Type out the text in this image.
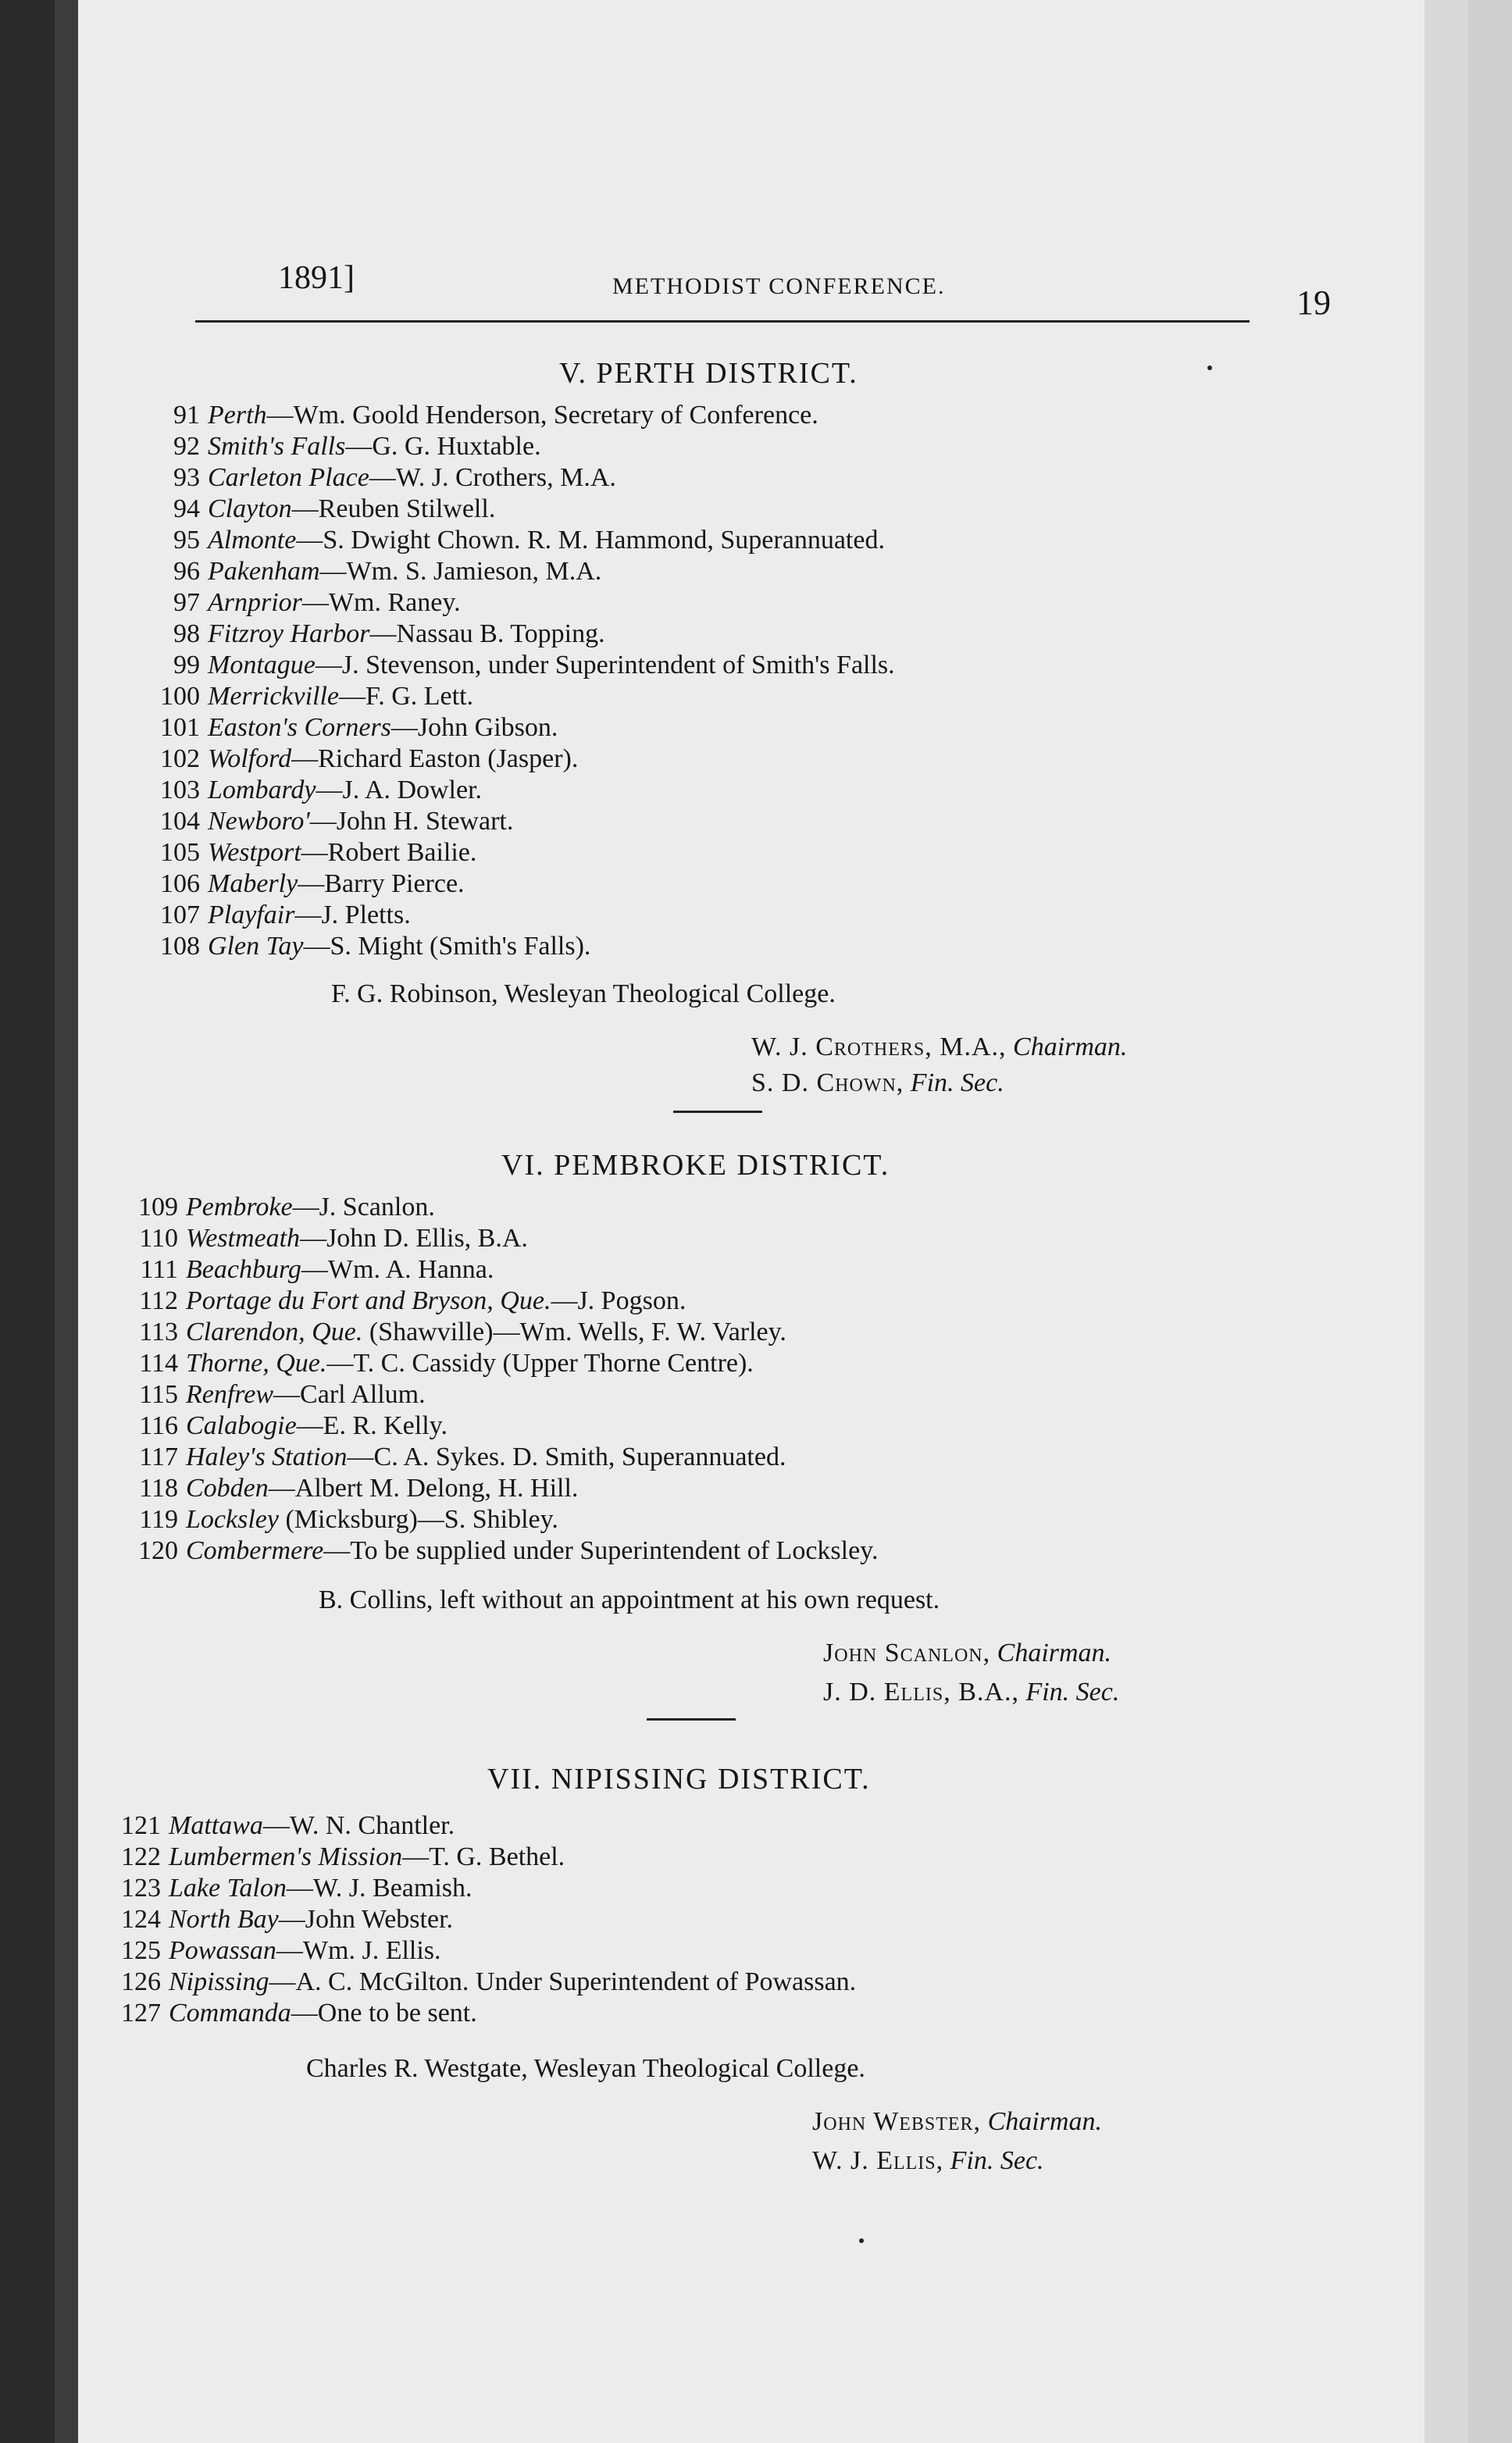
1891]	METHODIST CONFERENCE.	19
V. PERTH DISTRICT.
91 Perth—Wm. Goold Henderson, Secretary of Conference.
92 Smith's Falls—G. G. Huxtable.
93 Carleton Place—W. J. Crothers, M.A.
94 Clayton—Reuben Stilwell.
95 Almonte—S. Dwight Chown. R. M. Hammond, Superannuated.
96 Pakenham—Wm. S. Jamieson, M.A.
97 Arnprior—Wm. Raney.
98 Fitzroy Harbor—Nassau B. Topping.
99 Montague—J. Stevenson, under Superintendent of Smith's Falls.
100 Merrickville—F. G. Lett.
101 Easton's Corners—John Gibson.
102 Wolford—Richard Easton (Jasper).
103 Lombardy—J. A. Dowler.
104 Newboro'—John H. Stewart.
105 Westport—Robert Bailie.
106 Maberly—Barry Pierce.
107 Playfair—J. Pletts.
108 Glen Tay—S. Might (Smith's Falls).
F. G. Robinson, Wesleyan Theological College.
W. J. Crothers, M.A., Chairman.
S. D. Chown, Fin. Sec.
VI. PEMBROKE DISTRICT.
109 Pembroke—J. Scanlon.
110 Westmeath—John D. Ellis, B.A.
111 Beachburg—Wm. A. Hanna.
112 Portage du Fort and Bryson, Que.—J. Pogson.
113 Clarendon, Que. (Shawville)—Wm. Wells, F. W. Varley.
114 Thorne, Que.—T. C. Cassidy (Upper Thorne Centre).
115 Renfrew—Carl Allum.
116 Calabogie—E. R. Kelly.
117 Haley's Station—C. A. Sykes. D. Smith, Superannuated.
118 Cobden—Albert M. Delong, H. Hill.
119 Locksley (Micksburg)—S. Shibley.
120 Combermere—To be supplied under Superintendent of Locksley.
B. Collins, left without an appointment at his own request.
John Scanlon, Chairman.
J. D. Ellis, B.A., Fin. Sec.
VII. NIPISSING DISTRICT.
121 Mattawa—W. N. Chantler.
122 Lumbermen's Mission—T. G. Bethel.
123 Lake Talon—W. J. Beamish.
124 North Bay—John Webster.
125 Powassan—Wm. J. Ellis.
126 Nipissing—A. C. McGilton. Under Superintendent of Powassan.
127 Commanda—One to be sent.
Charles R. Westgate, Wesleyan Theological College.
John Webster, Chairman.
W. J. Ellis, Fin. Sec.
